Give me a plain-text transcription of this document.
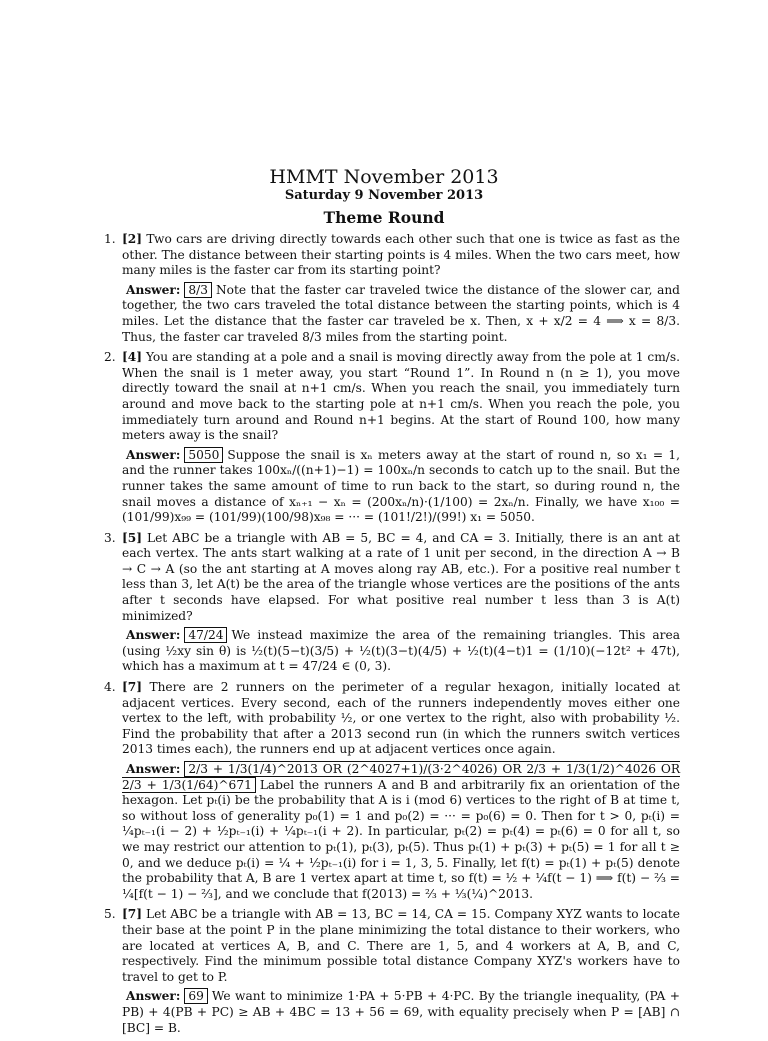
HMMT November 2013

Saturday 9 November 2013

Theme Round

1. [2] Two cars are driving directly towards each other such that one is twice as fast as the other. The distance between their starting points is 4 miles. When the two cars meet, how many miles is the faster car from its starting point?

Answer: 8/3 Note that the faster car traveled twice the distance of the slower car, and together, the two cars traveled the total distance between the starting points, which is 4 miles. Let the distance that the faster car traveled be x. Then, x + x/2 = 4 ⟹ x = 8/3. Thus, the faster car traveled 8/3 miles from the starting point.

2. [4] You are standing at a pole and a snail is moving directly away from the pole at 1 cm/s. When the snail is 1 meter away, you start “Round 1”. In Round n (n ≥ 1), you move directly toward the snail at n+1 cm/s. When you reach the snail, you immediately turn around and move back to the starting pole at n+1 cm/s. When you reach the pole, you immediately turn around and Round n+1 begins. At the start of Round 100, how many meters away is the snail?

Answer: 5050 Suppose the snail is xₙ meters away at the start of round n, so x₁ = 1, and the runner takes 100xₙ/((n+1)−1) = 100xₙ/n seconds to catch up to the snail. But the runner takes the same amount of time to run back to the start, so during round n, the snail moves a distance of xₙ₊₁ − xₙ = (200xₙ/n)·(1/100) = 2xₙ/n. Finally, we have x₁₀₀ = (101/99)x₉₉ = (101/99)(100/98)x₉₈ = ··· = (101!/2!)/(99!) x₁ = 5050.

3. [5] Let ABC be a triangle with AB = 5, BC = 4, and CA = 3. Initially, there is an ant at each vertex. The ants start walking at a rate of 1 unit per second, in the direction A → B → C → A (so the ant starting at A moves along ray AB, etc.). For a positive real number t less than 3, let A(t) be the area of the triangle whose vertices are the positions of the ants after t seconds have elapsed. For what positive real number t less than 3 is A(t) minimized?

Answer: 47/24 We instead maximize the area of the remaining triangles. This area (using ½xy sin θ) is ½(t)(5−t)(3/5) + ½(t)(3−t)(4/5) + ½(t)(4−t)1 = (1/10)(−12t² + 47t), which has a maximum at t = 47/24 ∈ (0, 3).

4. [7] There are 2 runners on the perimeter of a regular hexagon, initially located at adjacent vertices. Every second, each of the runners independently moves either one vertex to the left, with probability ½, or one vertex to the right, also with probability ½. Find the probability that after a 2013 second run (in which the runners switch vertices 2013 times each), the runners end up at adjacent vertices once again.

Answer: 2/3 + 1/3(1/4)^2013 OR (2^4027+1)/(3·2^4026) OR 2/3 + 1/3(1/2)^4026 OR 2/3 + 1/3(1/64)^671 Label the runners A and B and arbitrarily fix an orientation of the hexagon. Let pₜ(i) be the probability that A is i (mod 6) vertices to the right of B at time t, so without loss of generality p₀(1) = 1 and p₀(2) = ··· = p₀(6) = 0. Then for t > 0, pₜ(i) = ¼pₜ₋₁(i − 2) + ½pₜ₋₁(i) + ¼pₜ₋₁(i + 2). In particular, pₜ(2) = pₜ(4) = pₜ(6) = 0 for all t, so we may restrict our attention to pₜ(1), pₜ(3), pₜ(5). Thus pₜ(1) + pₜ(3) + pₜ(5) = 1 for all t ≥ 0, and we deduce pₜ(i) = ¼ + ½pₜ₋₁(i) for i = 1, 3, 5. Finally, let f(t) = pₜ(1) + pₜ(5) denote the probability that A, B are 1 vertex apart at time t, so f(t) = ½ + ¼f(t − 1) ⟹ f(t) − ⅔ = ¼[f(t − 1) − ⅔], and we conclude that f(2013) = ⅔ + ⅓(¼)^2013.

5. [7] Let ABC be a triangle with AB = 13, BC = 14, CA = 15. Company XYZ wants to locate their base at the point P in the plane minimizing the total distance to their workers, who are located at vertices A, B, and C. There are 1, 5, and 4 workers at A, B, and C, respectively. Find the minimum possible total distance Company XYZ's workers have to travel to get to P.

Answer: 69 We want to minimize 1·PA + 5·PB + 4·PC. By the triangle inequality, (PA + PB) + 4(PB + PC) ≥ AB + 4BC = 13 + 56 = 69, with equality precisely when P = [AB] ∩ [BC] = B.
